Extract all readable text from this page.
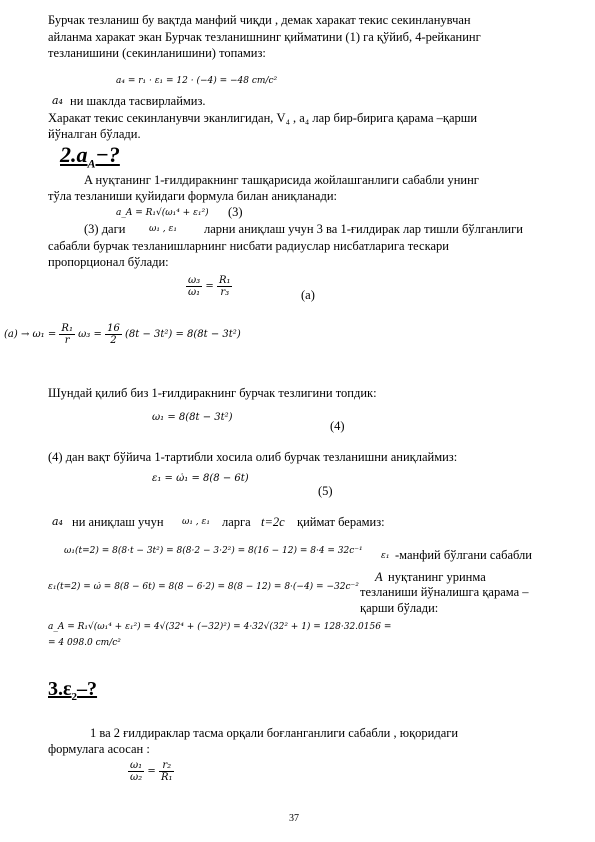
Бурчак тезланиш бу вақтда манфий чиқди , демак харакат текис секинланувчан
айланма харакат экан Бурчак тезланишнинг қийматини (1) га қўйиб, 4-рейканинг
тезланишини (секинланишини) топамиз:
a₄ = r₁ · ε₁ = 12 · (−4) = −48 cm/c²
a₄ ни шаклда тасвирлаймиз.
Харакат текис секинланувчи эканлигидан, V₄ , a₄ лар бир-бирига қарама –қарши
йўналган бўлади.
$2.a_A-$?
A нуқтанинг 1-ғилдиракнинг ташқарисида жойлашганлиги сабабли унинг
тўла тезланиши қуйидаги формула билан аниқланади:
a_A = R₁√(ω₁⁴ + ε₁²) (3)
(3) даги	ω₁ , ε₁ ларни аниқлаш учун 3 ва 1-ғилдирак лар тишли бўлганлиги
сабабли бурчак тезланишларнинг нисбати радиуслар нисбатларига тескари
пропорционал бўлади:
$\frac{\text{ω₃}}{\text{ω₁}} = \frac{\text{R₁}}{\text{r₃}}$	(a)
$(a) \to \omega_1 = \frac{\text{R₁}}{r} \omega_3 = \frac{16}{2} (8t - 3t^2) = 8(8t - 3t^2)$
Шундай қилиб биз 1-ғилдиракнинг бурчак тезлигини топдик:
ω₁ = 8(8t − 3t²)
(4)
(4) дан вақт бўйича 1-тартибли хосила олиб бурчак тезланишни аниқлаймиз:
ε₁ = ω̇₁ = 8(8 − 6t)
(5)
a₄ ни аниқлаш учун ω₁ , ε₁ ларга t=2c қиймат берамиз:
ω₁(t=2) = 8(8·t − 3t²) = 8(8·2 − 3·2²) = 8(16 − 12) = 8·4 = 32c⁻¹ ε₁ -манфий бўлгани сабабли
ε₁(t=2) = ω̇ = 8(8 − 6t) = 8(8 − 6·2) = 8(8 − 12) = 8·(−4) = −32c⁻²
A нуқтанинг уринма
тезланиши йўналишга қарама –
қарши бўлади:
a_A = R₁√(ω₁⁴ + ε₁²) = 4√(32⁴ + (−32)²) = 4·32√(32² + 1) = 128·32.0156 =
= 4 098.0 cm/c²
$3.\varepsilon_2-$?
1 ва 2 ғилдираклар тасма орқали боғланганлиги сабабли , юқоридаги
формулага асосан :
$\frac{\text{ω₁}}{\text{ω₂}} = \frac{\text{r₂}}{\text{R₁}}$
37
